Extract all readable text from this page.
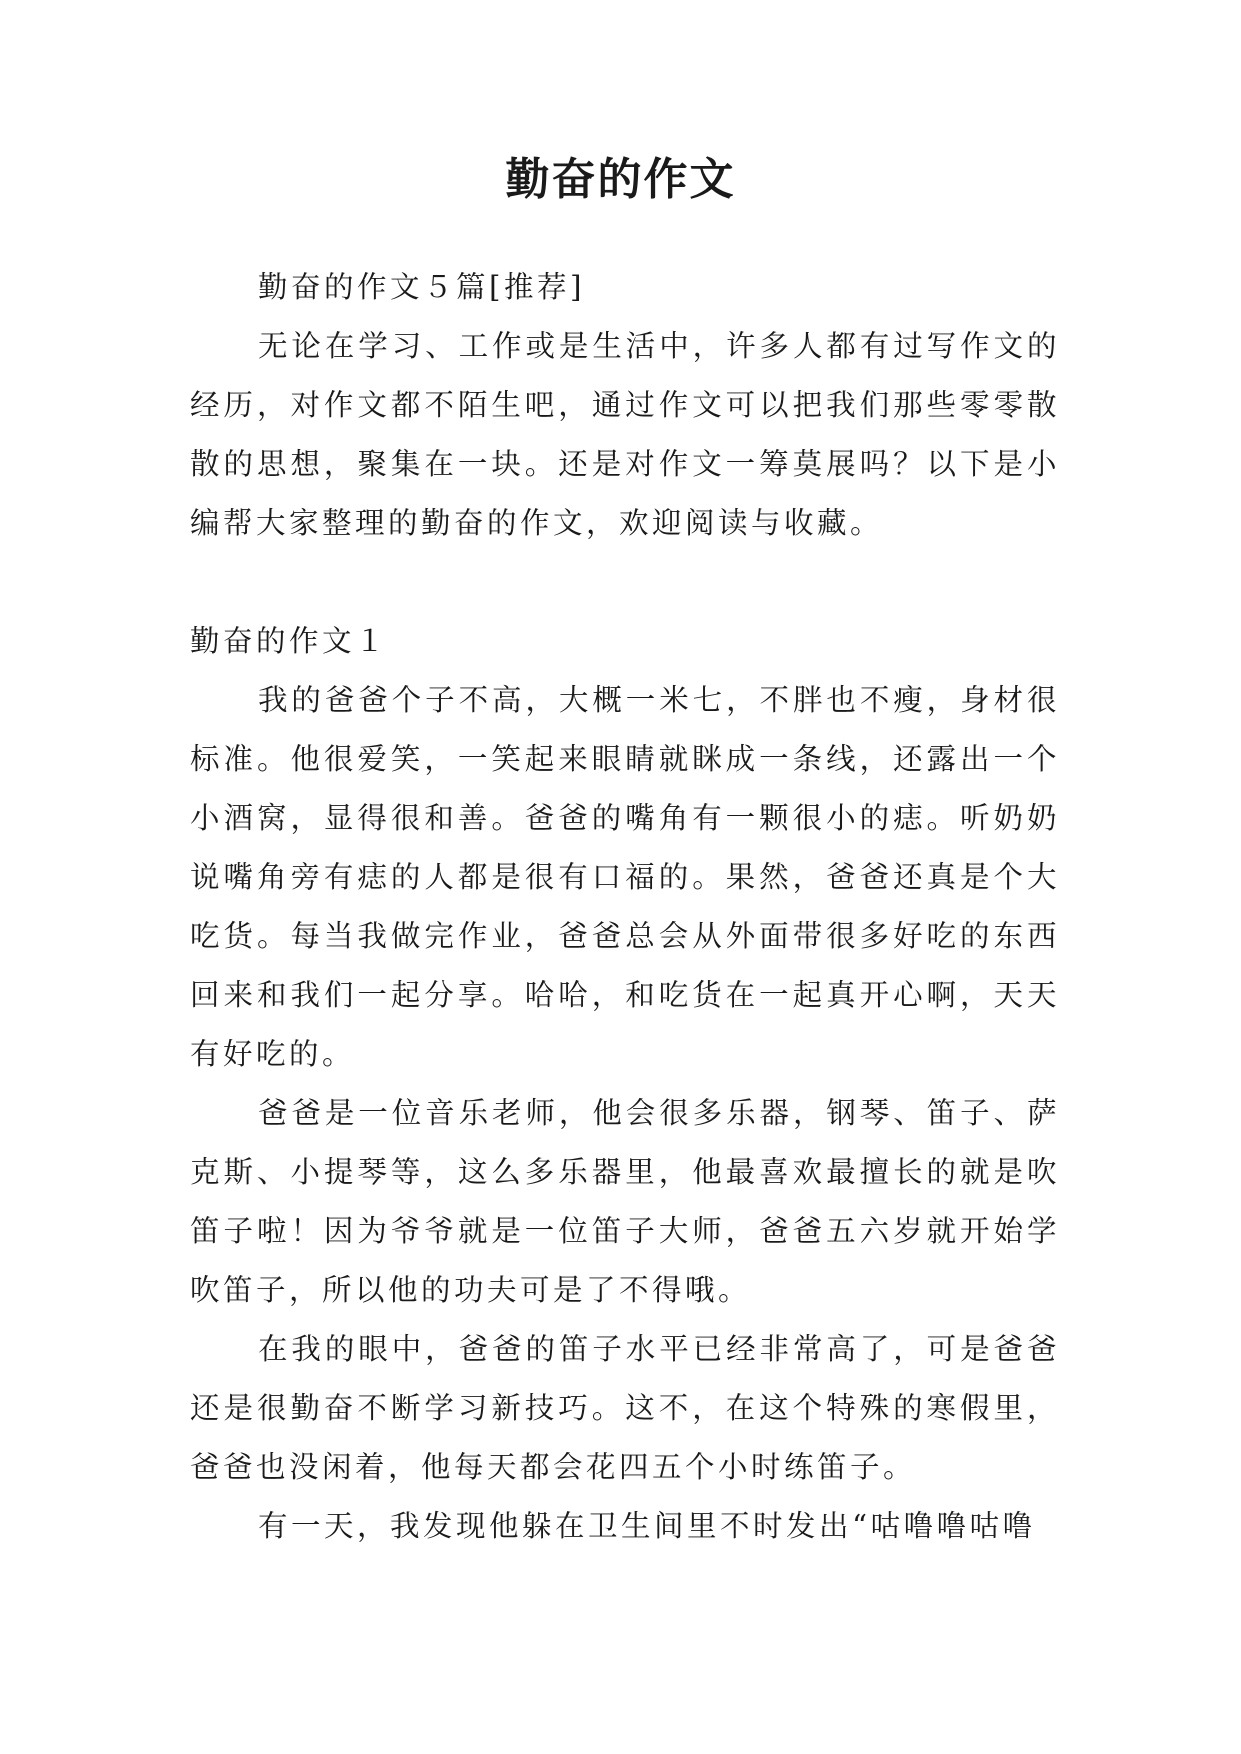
勤奋的作文

勤奋的作文５篇[推荐]

无论在学习、工作或是生活中，许多人都有过写作文的经历，对作文都不陌生吧，通过作文可以把我们那些零零散散的思想，聚集在一块。还是对作文一筹莫展吗？以下是小编帮大家整理的勤奋的作文，欢迎阅读与收藏。

勤奋的作文１

我的爸爸个子不高，大概一米七，不胖也不瘦，身材很标准。他很爱笑，一笑起来眼睛就眯成一条线，还露出一个小酒窝，显得很和善。爸爸的嘴角有一颗很小的痣。听奶奶说嘴角旁有痣的人都是很有口福的。果然，爸爸还真是个大吃货。每当我做完作业，爸爸总会从外面带很多好吃的东西回来和我们一起分享。哈哈，和吃货在一起真开心啊，天天有好吃的。

爸爸是一位音乐老师，他会很多乐器，钢琴、笛子、萨克斯、小提琴等，这么多乐器里，他最喜欢最擅长的就是吹笛子啦！因为爷爷就是一位笛子大师，爸爸五六岁就开始学吹笛子，所以他的功夫可是了不得哦。

在我的眼中，爸爸的笛子水平已经非常高了，可是爸爸还是很勤奋不断学习新技巧。这不，在这个特殊的寒假里，爸爸也没闲着，他每天都会花四五个小时练笛子。

有一天，我发现他躲在卫生间里不时发出“咕噜噜咕噜
